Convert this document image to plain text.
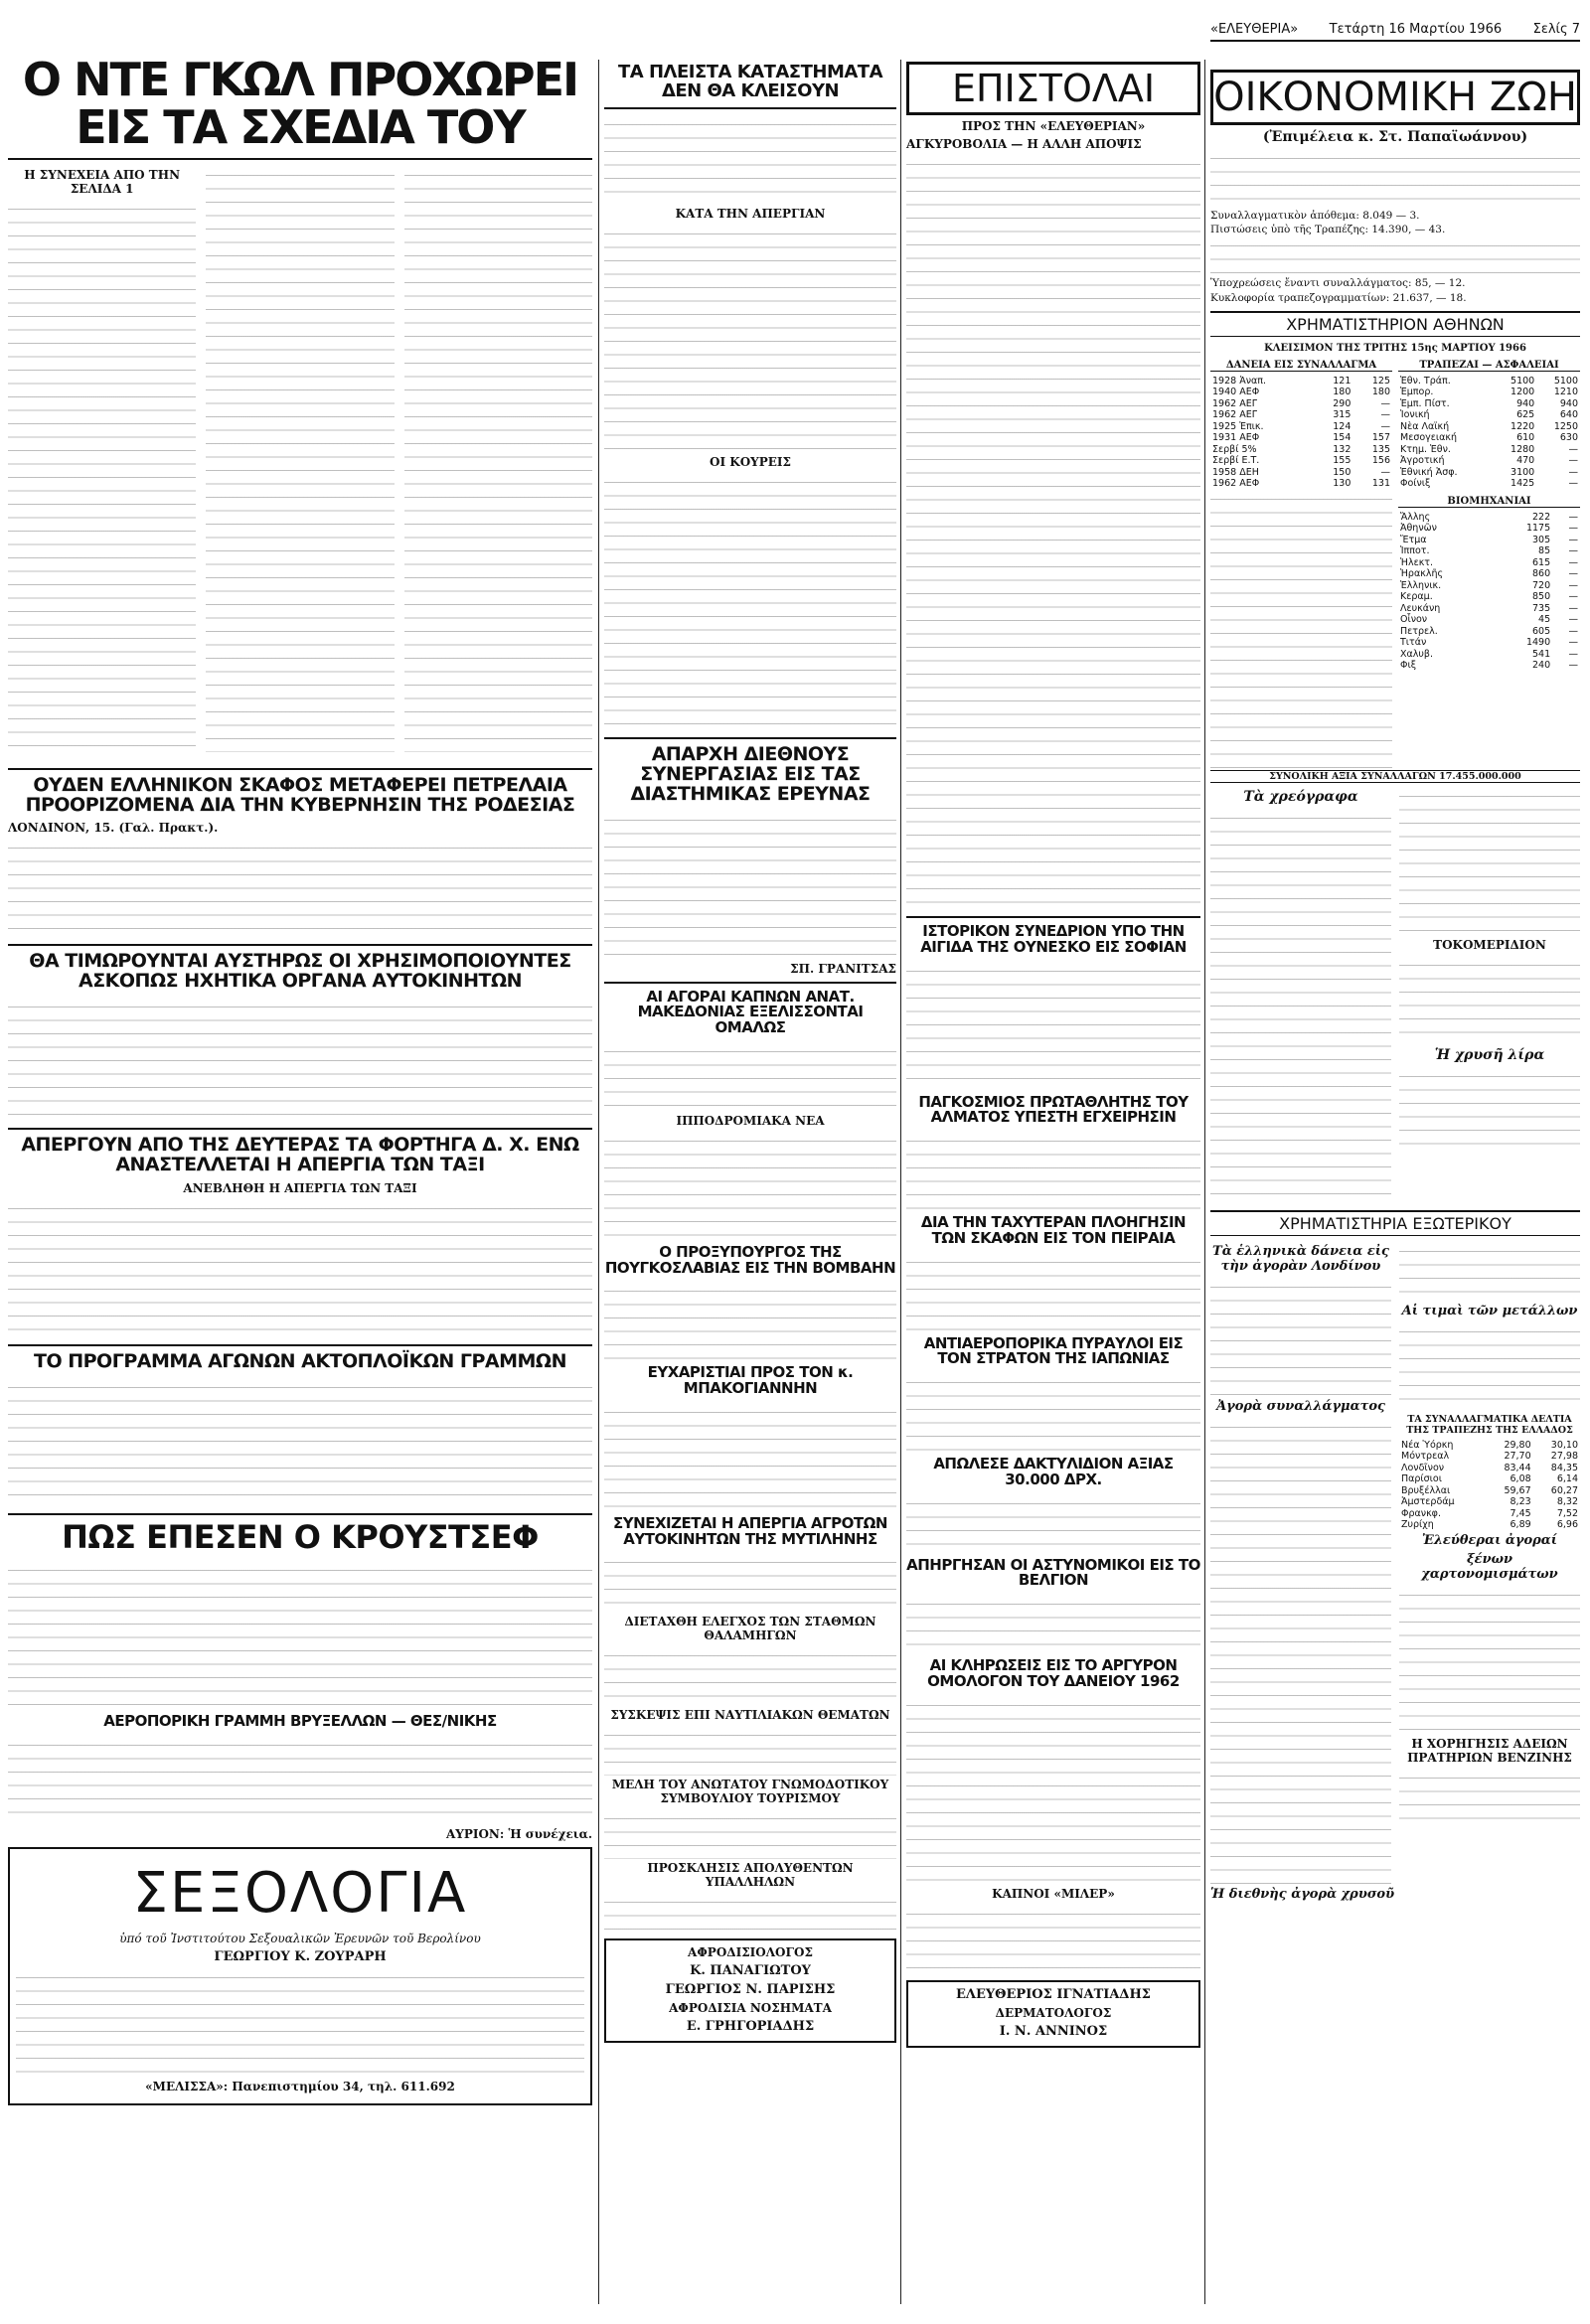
«ΕΛΕΥΘΕΡΙΑ» Τετάρτη 16 Μαρτίου 1966 Σελίς 7
Ο ΝΤΕ ΓΚΩΛ ΠΡΟΧΩΡΕΙ ΕΙΣ ΤΑ ΣΧΕΔΙΑ ΤΟΥ
Η ΣΥΝΕΧΕΙΑ ΑΠΟ ΤΗΝ ΣΕΛΙΔΑ 1
ΟΥΔΕΝ ΕΛΛΗΝΙΚΟΝ ΣΚΑΦΟΣ ΜΕΤΑΦΕΡΕΙ ΠΕΤΡΕΛΑΙΑ ΠΡΟΟΡΙΖΟΜΕΝΑ ΔΙΑ ΤΗΝ ΚΥΒΕΡΝΗΣΙΝ ΤΗΣ ΡΟΔΕΣΙΑΣ
ΛΟΝΔΙΝΟΝ, 15. (Γαλ. Πρακτ.).
ΘΑ ΤΙΜΩΡΟΥΝΤΑΙ ΑΥΣΤΗΡΩΣ ΟΙ ΧΡΗΣΙΜΟΠΟΙΟΥΝΤΕΣ ΑΣΚΟΠΩΣ ΗΧΗΤΙΚΑ ΟΡΓΑΝΑ ΑΥΤΟΚΙΝΗΤΩΝ
ΑΠΕΡΓΟΥΝ ΑΠΟ ΤΗΣ ΔΕΥΤΕΡΑΣ ΤΑ ΦΟΡΤΗΓΑ Δ. Χ. ΕΝΩ ΑΝΑΣΤΕΛΛΕΤΑΙ Η ΑΠΕΡΓΙΑ ΤΩΝ ΤΑΞΙ
ΑΝΕΒΛΗΘΗ Η ΑΠΕΡΓΙΑ ΤΩΝ ΤΑΞΙ
ΤΟ ΠΡΟΓΡΑΜΜΑ ΑΓΩΝΩΝ ΑΚΤΟΠΛΟΪΚΩΝ ΓΡΑΜΜΩΝ
ΠΩΣ ΕΠΕΣΕΝ Ο ΚΡΟΥΣΤΣΕΦ
ΑΕΡΟΠΟΡΙΚΗ ΓΡΑΜΜΗ ΒΡΥΞΕΛΛΩΝ — ΘΕΣ/ΝΙΚΗΣ
ΑΥΡΙΟΝ: Ἡ συνέχεια.
ΣΕΞΟΛΟΓΙΑ
ὑπό τοῦ Ἰνστιτούτου Σεξουαλικῶν Ἐρευνῶν τοῦ Βερολίνου
ΓΕΩΡΓΙΟΥ Κ. ΖΟΥΡΑΡΗ
«ΜΕΛΙΣΣΑ»: Πανεπιστημίου 34, τηλ. 611.692
ΤΑ ΠΛΕΙΣΤΑ ΚΑΤΑΣΤΗΜΑΤΑ ΔΕΝ ΘΑ ΚΛΕΙΣΟΥΝ
ΚΑΤΑ ΤΗΝ ΑΠΕΡΓΙΑΝ
ΟΙ ΚΟΥΡΕΙΣ
ΑΠΑΡΧΗ ΔΙΕΘΝΟΥΣ ΣΥΝΕΡΓΑΣΙΑΣ ΕΙΣ ΤΑΣ ΔΙΑΣΤΗΜΙΚΑΣ ΕΡΕΥΝΑΣ
ΣΠ. ΓΡΑΝΙΤΣΑΣ
ΑΙ ΑΓΟΡΑΙ ΚΑΠΝΩΝ ΑΝΑΤ. ΜΑΚΕΔΟΝΙΑΣ ΕΞΕΛΙΣΣΟΝΤΑΙ ΟΜΑΛΩΣ
ΙΠΠΟΔΡΟΜΙΑΚΑ ΝΕΑ
Ο ΠΡΟΞΥΠΟΥΡΓΟΣ ΤΗΣ ΠΟΥΓΚΟΣΛΑΒΙΑΣ ΕΙΣ ΤΗΝ ΒΟΜΒΑΗΝ
ΕΥΧΑΡΙΣΤΙΑΙ ΠΡΟΣ ΤΟΝ κ. ΜΠΑΚΟΓΙΑΝΝΗΝ
ΣΥΝΕΧΙΖΕΤΑΙ Η ΑΠΕΡΓΙΑ ΑΓΡΟΤΩΝ ΑΥΤΟΚΙΝΗΤΩΝ ΤΗΣ ΜΥΤΙΛΗΝΗΣ
ΔΙΕΤΑΧΘΗ ΕΛΕΓΧΟΣ ΤΩΝ ΣΤΑΘΜΩΝ ΘΑΛΑΜΗΓΩΝ
ΣΥΣΚΕΨΙΣ ΕΠΙ ΝΑΥΤΙΛΙΑΚΩΝ ΘΕΜΑΤΩΝ
ΜΕΛΗ ΤΟΥ ΑΝΩΤΑΤΟΥ ΓΝΩΜΟΔΟΤΙΚΟΥ ΣΥΜΒΟΥΛΙΟΥ ΤΟΥΡΙΣΜΟΥ
ΠΡΟΣΚΛΗΣΙΣ ΑΠΟΛΥΘΕΝΤΩΝ ΥΠΑΛΛΗΛΩΝ
ΑΦΡΟΔΙΣΙΟΛΟΓΟΣ
Κ. ΠΑΝΑΓΙΩΤΟΥ
ΓΕΩΡΓΙΟΣ Ν. ΠΑΡΙΣΗΣ
ΑΦΡΟΔΙΣΙΑ ΝΟΣΗΜΑΤΑ
Ε. ΓΡΗΓΟΡΙΑΔΗΣ
ΕΠΙΣΤΟΛΑΙ
ΠΡΟΣ ΤΗΝ «ΕΛΕΥΘΕΡΙΑΝ»
ΑΓΚΥΡΟΒΟΛΙΑ — Η ΑΛΛΗ ΑΠΟΨΙΣ
ΙΣΤΟΡΙΚΟΝ ΣΥΝΕΔΡΙΟΝ ΥΠΟ ΤΗΝ ΑΙΓΙΔΑ ΤΗΣ ΟΥΝΕΣΚΟ ΕΙΣ ΣΟΦΙΑΝ
ΠΑΓΚΟΣΜΙΟΣ ΠΡΩΤΑΘΛΗΤΗΣ ΤΟΥ ΑΛΜΑΤΟΣ ΥΠΕΣΤΗ ΕΓΧΕΙΡΗΣΙΝ
ΔΙΑ ΤΗΝ ΤΑΧΥΤΕΡΑΝ ΠΛΟΗΓΗΣΙΝ ΤΩΝ ΣΚΑΦΩΝ ΕΙΣ ΤΟΝ ΠΕΙΡΑΙΑ
ΑΝΤΙΑΕΡΟΠΟΡΙΚΑ ΠΥΡΑΥΛΟΙ ΕΙΣ ΤΟΝ ΣΤΡΑΤΟΝ ΤΗΣ ΙΑΠΩΝΙΑΣ
ΑΠΩΛΕΣΕ ΔΑΚΤΥΛΙΔΙΟΝ ΑΞΙΑΣ 30.000 ΔΡΧ.
ΑΠΗΡΓΗΣΑΝ ΟΙ ΑΣΤΥΝΟΜΙΚΟΙ ΕΙΣ ΤΟ ΒΕΛΓΙΟΝ
ΑΙ ΚΛΗΡΩΣΕΙΣ ΕΙΣ ΤΟ ΑΡΓΥΡΟΝ ΟΜΟΛΟΓΟΝ ΤΟΥ ΔΑΝΕΙΟΥ 1962
ΚΑΠΝΟΙ «ΜΙΛΕΡ»
ΕΛΕΥΘΕΡΙΟΣ ΙΓΝΑΤΙΑΔΗΣ
ΔΕΡΜΑΤΟΛΟΓΟΣ
Ι. Ν. ΑΝΝΙΝΟΣ
ΟΙΚΟΝΟΜΙΚΗ ΖΩΗ
(Ἐπιμέλεια κ. Στ. Παπαϊωάννου)
Συναλλαγματικὸν ἀπόθεμα: 8.049 — 3.
Πιστώσεις ὑπὸ τῆς Τραπέζης: 14.390, — 43.
Ὑποχρεώσεις ἔναντι συναλλάγματος: 85, — 12.
Κυκλοφορία τραπεζογραμματίων: 21.637, — 18.
ΧΡΗΜΑΤΙΣΤΗΡΙΟΝ ΑΘΗΝΩΝ
ΚΛΕΙΣΙΜΟΝ ΤΗΣ ΤΡΙΤΗΣ 15ης ΜΑΡΤΙΟΥ 1966
ΔΑΝΕΙΑ ΕΙΣ ΣΥΝΑΛΛΑΓΜΑ
1928 Ἀναπ.	121	125
1940 ΑΕΦ	180	180
1962 ΑΕΓ	290	—
1962 ΑΕΓ	315	—
1925 Ἐπικ.	124	—
1931 ΑΕΦ	154	157
Σερβί 5%	132	135
Σερβί Ε.Τ.	155	156
1958 ΔΕΗ	150	—
1962 ΑΕΦ	130	131
ΤΡΑΠΕΖΑΙ — ΑΣΦΑΛΕΙΑΙ
Ἐθν. Τράπ.	5100	5100
Ἐμπορ.	1200	1210
Ἐμπ. Πίστ.	940	940
Ἰονική	625	640
Νὲα Λαϊκή	1220	1250
Μεσογειακή	610	630
Κτημ. Ἐθν.	1280	—
Ἀγροτική	470	—
Ἐθνική Ἀσφ.	3100	—
Φοίνιξ	1425	—
ΒΙΟΜΗΧΑΝΙΑΙ
Ἄλλης	222	—
Ἀθηνῶν	1175	—
Ἔτμα	305	—
Ἱπποτ.	85	—
Ἠλεκτ.	615	—
Ἡρακλῆς	860	—
Ἑλληνικ.	720	—
Κεραμ.	850	—
Λευκάνη	735	—
Οἶνον	45	—
Πετρελ.	605	—
Τιτάν	1490	—
Χαλυβ.	541	—
Φιξ	240	—
ΣΥΝΟΛΙΚΗ ΑΞΙΑ ΣΥΝΑΛΛΑΓΩΝ 17.455.000.000
Τὰ χρεόγραφα
ΤΟΚΟΜΕΡΙΔΙΟΝ
Ἡ χρυσῆ λίρα
ΧΡΗΜΑΤΙΣΤΗΡΙΑ ΕΞΩΤΕΡΙΚΟΥ
Τὰ ἑλληνικὰ δάνεια εἰς τὴν ἀγορὰν Λονδίνου
Ἀγορὰ συναλλάγματος
Αἱ τιμαὶ τῶν μετάλλων
ΤΑ ΣΥΝΑΛΛΑΓΜΑΤΙΚΑ ΔΕΛΤΙΑ ΤΗΣ ΤΡΑΠΕΖΗΣ ΤΗΣ ΕΛΛΑΔΟΣ
Νέα Ὑόρκη	29,80	30,10
Μόντρεαλ	27,70	27,98
Λονδῖνον	83,44	84,35
Παρίσιοι	6,08	6,14
Βρυξέλλαι	59,67	60,27
Ἀμστερδάμ	8,23	8,32
Φρανκφ.	7,45	7,52
Ζυρίχη	6,89	6,96
Ἐλεύθεραι ἀγοραί
ξένων χαρτονομισμάτων
Η ΧΟΡΗΓΗΣΙΣ ΑΔΕΙΩΝ ΠΡΑΤΗΡΙΩΝ ΒΕΝΖΙΝΗΣ
Ἡ διεθνὴς ἀγορὰ χρυσοῦ
